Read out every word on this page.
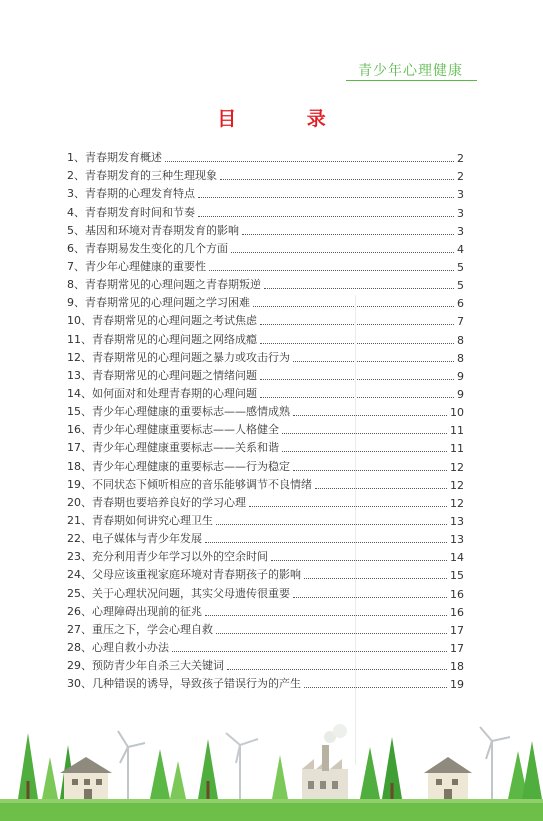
青少年心理健康
目 录
1、 青春期发育概述	2
2、 青春期发育的三种生理现象	2
3、 青春期的心理发育特点	3
4、 青春期发育时间和节奏	3
5、 基因和环境对青春期发育的影响	3
6、 青春期易发生变化的几个方面	4
7、 青少年心理健康的重要性	5
8、 青春期常见的心理问题之青春期叛逆	5
9、 青春期常见的心理问题之学习困难	6
10、 青春期常见的心理问题之考试焦虑	7
11、 青春期常见的心理问题之网络成瘾	8
12、 青春期常见的心理问题之暴力或攻击行为	8
13、 青春期常见的心理问题之情绪问题	9
14、 如何面对和处理青春期的心理问题	9
15、 青少年心理健康的重要标志——感情成熟	10
16、 青少年心理健康重要标志——人格健全	11
17、 青少年心理健康重要标志——关系和谐	11
18、 青少年心理健康的重要标志——行为稳定	12
19、 不同状态下倾听相应的音乐能够调节不良情绪	12
20、 青春期也要培养良好的学习心理	12
21、 青春期如何讲究心理卫生	13
22、 电子媒体与青少年发展	13
23、 充分利用青少年学习以外的空余时间	14
24、 父母应该重视家庭环境对青春期孩子的影响	15
25、 关于心理状况问题，其实父母遗传很重要	16
26、 心理障碍出现前的征兆	16
27、 重压之下，学会心理自救	17
28、 心理自救小办法	17
29、 预防青少年自杀三大关键词	18
30、 几种错误的诱导，导致孩子错误行为的产生	19
